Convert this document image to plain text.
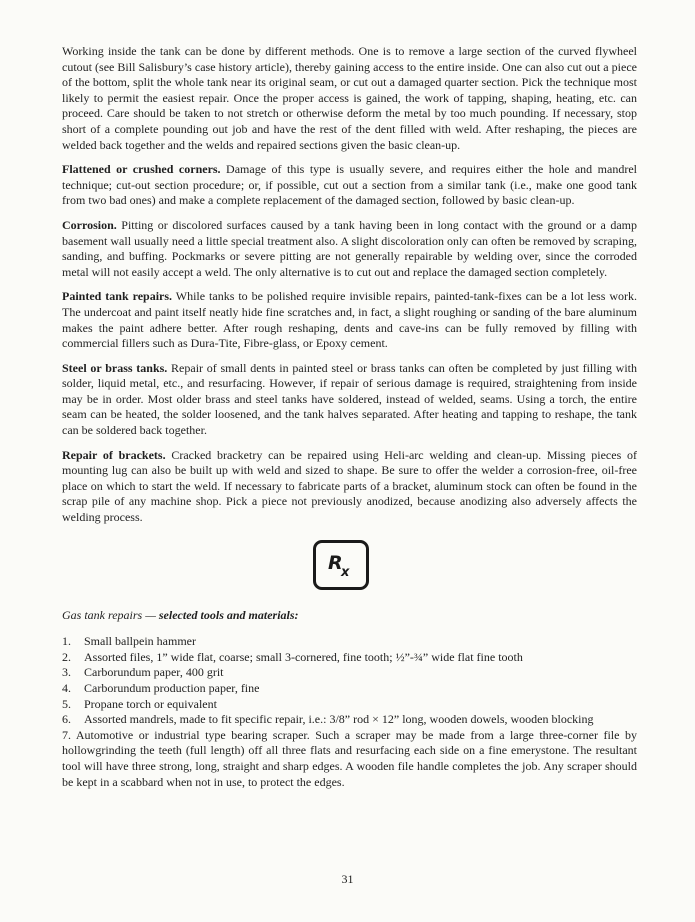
Working inside the tank can be done by different methods. One is to remove a large section of the curved flywheel cutout (see Bill Salisbury’s case history article), thereby gaining access to the entire inside. One can also cut out a piece of the bottom, split the whole tank near its original seam, or cut out a damaged quarter section. Pick the technique most likely to permit the easiest repair. Once the proper access is gained, the work of tapping, shaping, heating, etc. can proceed. Care should be taken to not stretch or otherwise deform the metal by too much pounding. If necessary, stop short of a complete pounding out job and have the rest of the dent filled with weld. After reshaping, the pieces are welded back together and the welds and repaired sections given the basic clean-up.

Flattened or crushed corners. Damage of this type is usually severe, and requires either the hole and mandrel technique; cut-out section procedure; or, if possible, cut out a section from a similar tank (i.e., make one good tank from two bad ones) and make a complete replacement of the damaged section, followed by basic clean-up.

Corrosion. Pitting or discolored surfaces caused by a tank having been in long contact with the ground or a damp basement wall usually need a little special treatment also. A slight discoloration only can often be removed by scraping, sanding, and buffing. Pockmarks or severe pitting are not generally repairable by welding over, since the corroded metal will not easily accept a weld. The only alternative is to cut out and replace the damaged section completely.

Painted tank repairs. While tanks to be polished require invisible repairs, painted-tank-fixes can be a lot less work. The undercoat and paint itself neatly hide fine scratches and, in fact, a slight roughing or sanding of the bare aluminum makes the paint adhere better. After rough reshaping, dents and cave-ins can be fully removed by filling with commercial fillers such as Dura-Tite, Fibre-glass, or Epoxy cement.

Steel or brass tanks. Repair of small dents in painted steel or brass tanks can often be completed by just filling with solder, liquid metal, etc., and resurfacing. However, if repair of serious damage is required, straightening from inside may be in order. Most older brass and steel tanks have soldered, instead of welded, seams. Using a torch, the entire seam can be heated, the solder loosened, and the tank halves separated. After heating and tapping to reshape, the tank can be soldered back together.

Repair of brackets. Cracked bracketry can be repaired using Heli-arc welding and clean-up. Missing pieces of mounting lug can also be built up with weld and sized to shape. Be sure to offer the welder a corrosion-free, oil-free place on which to start the weld. If necessary to fabricate parts of a bracket, aluminum stock can often be found in the scrap pile of any machine shop. Pick a piece not previously anodized, because anodizing also adversely affects the welding process.

R
x

Gas tank repairs — selected tools and materials:

1.	Small ballpein hammer
2.	Assorted files, 1” wide flat, coarse; small 3-cornered, fine tooth; ½”-¾” wide flat fine tooth
3.	Carborundum paper, 400 grit
4.	Carborundum production paper, fine
5.	Propane torch or equivalent
6.	Assorted mandrels, made to fit specific repair, i.e.: 3/8” rod × 12” long, wooden dowels, wooden blocking

7. Automotive or industrial type bearing scraper. Such a scraper may be made from a large three-corner file by hollowgrinding the teeth (full length) off all three flats and resurfacing each side on a fine emerystone. The resultant tool will have three strong, long, straight and sharp edges. A wooden file handle completes the job. Any scraper should be kept in a scabbard when not in use, to protect the edges.

31
